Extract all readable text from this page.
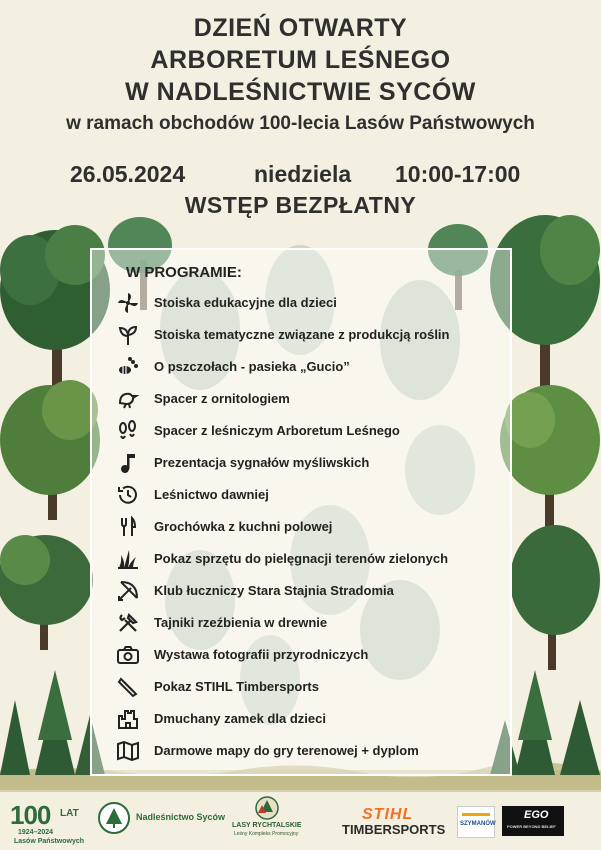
DZIEŃ OTWARTY
ARBORETUM LEŚNEGO
W NADLEŚNICTWIE SYCÓW
w ramach obchodów 100-lecia Lasów Państwowych
26.05.2024	niedziela 10:00-17:00
WSTĘP BEZPŁATNY
W PROGRAMIE:
Stoiska edukacyjne dla dzieci
Stoiska tematyczne związane z produkcją roślin
O pszczołach - pasieka „Gucio”
Spacer z ornitologiem
Spacer z leśniczym Arboretum Leśnego
Prezentacja sygnałów myśliwskich
Leśnictwo dawniej
Grochówka z kuchni polowej
Pokaz sprzętu do pielęgnacji terenów zielonych
Klub łuczniczy Stara Stajnia Stradomia
Tajniki rzeźbienia w drewnie
Wystawa fotografii przyrodniczych
Pokaz STIHL Timbersports
Dmuchany zamek dla dzieci
Darmowe mapy do gry terenowej + dyplom
100 LAT
1924–2024
Lasów Państwowych
Nadleśnictwo Syców
LASY RYCHTALSKIE
Leśny Kompleks Promocyjny
STIHL
TIMBERSPORTS SZYMANÓW
EGO
POWER BEYOND BELIEF
